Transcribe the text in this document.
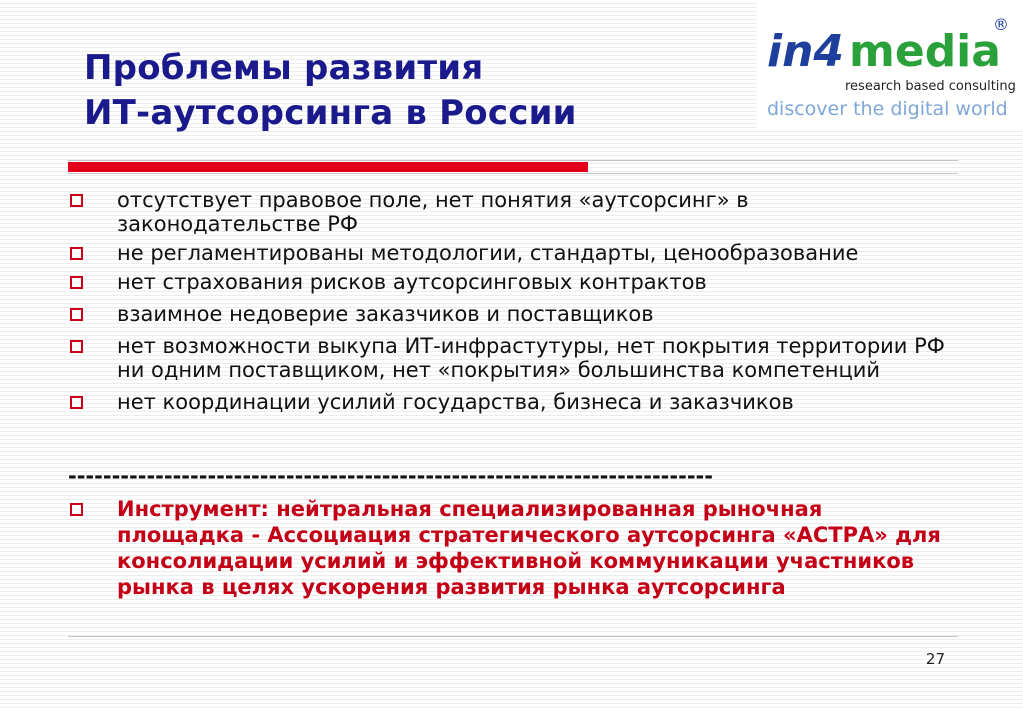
Проблемы развития
ИТ-аутсорсинга в России
in4 media
®
research based consulting
discover the digital world
отсутствует правовое поле, нет понятия «аутсорсинг» в законодательстве РФ
не регламентированы методологии, стандарты, ценообразование
нет страхования рисков аутсорсинговых контрактов
взаимное недоверие заказчиков и поставщиков
нет возможности выкупа ИТ-инфрастутуры, нет покрытия территории РФ ни одним поставщиком, нет «покрытия» большинства компетенций
нет координации усилий государства, бизнеса и заказчиков
--------------------------------------------------------------------------
Инструмент: нейтральная специализированная рыночная площадка - Ассоциация стратегического аутсорсинга «АСТРА» для консолидации усилий и эффективной коммуникации участников рынка в целях ускорения развития рынка аутсорсинга
27
